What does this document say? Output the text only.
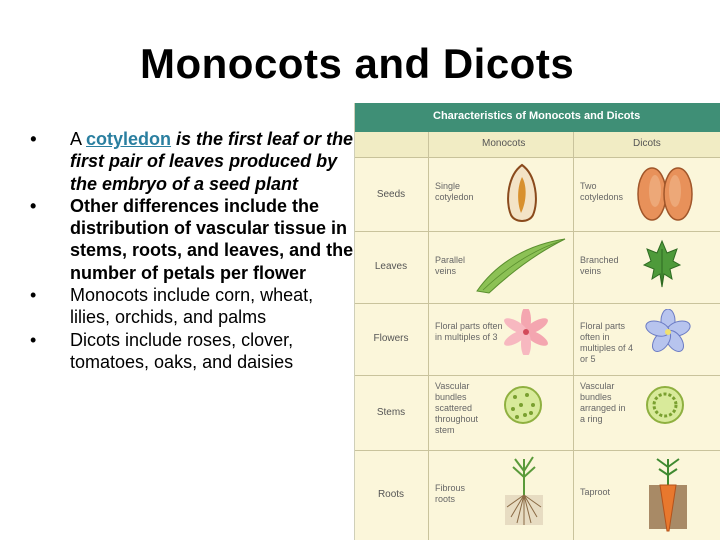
Monocots and Dicots
• A cotyledon is the first leaf or the first pair of leaves produced by the embryo of a seed plant
• Other differences include the distribution of vascular tissue in stems, roots, and leaves, and the number of petals per flower
• Monocots include corn, wheat, lilies, orchids, and palms
• Dicots include roses, clover, tomatoes, oaks, and daisies
Characteristics of Monocots and Dicots
Monocots	Dicots
Seeds
Leaves
Flowers
Stems
Roots
Single cotyledon
Parallel veins
Floral parts often in multiples of 3
Vascular bundles scattered throughout stem
Fibrous roots
Two cotyledons
Branched veins
Floral parts often in multiples of 4 or 5
Vascular bundles arranged in a ring
Taproot
